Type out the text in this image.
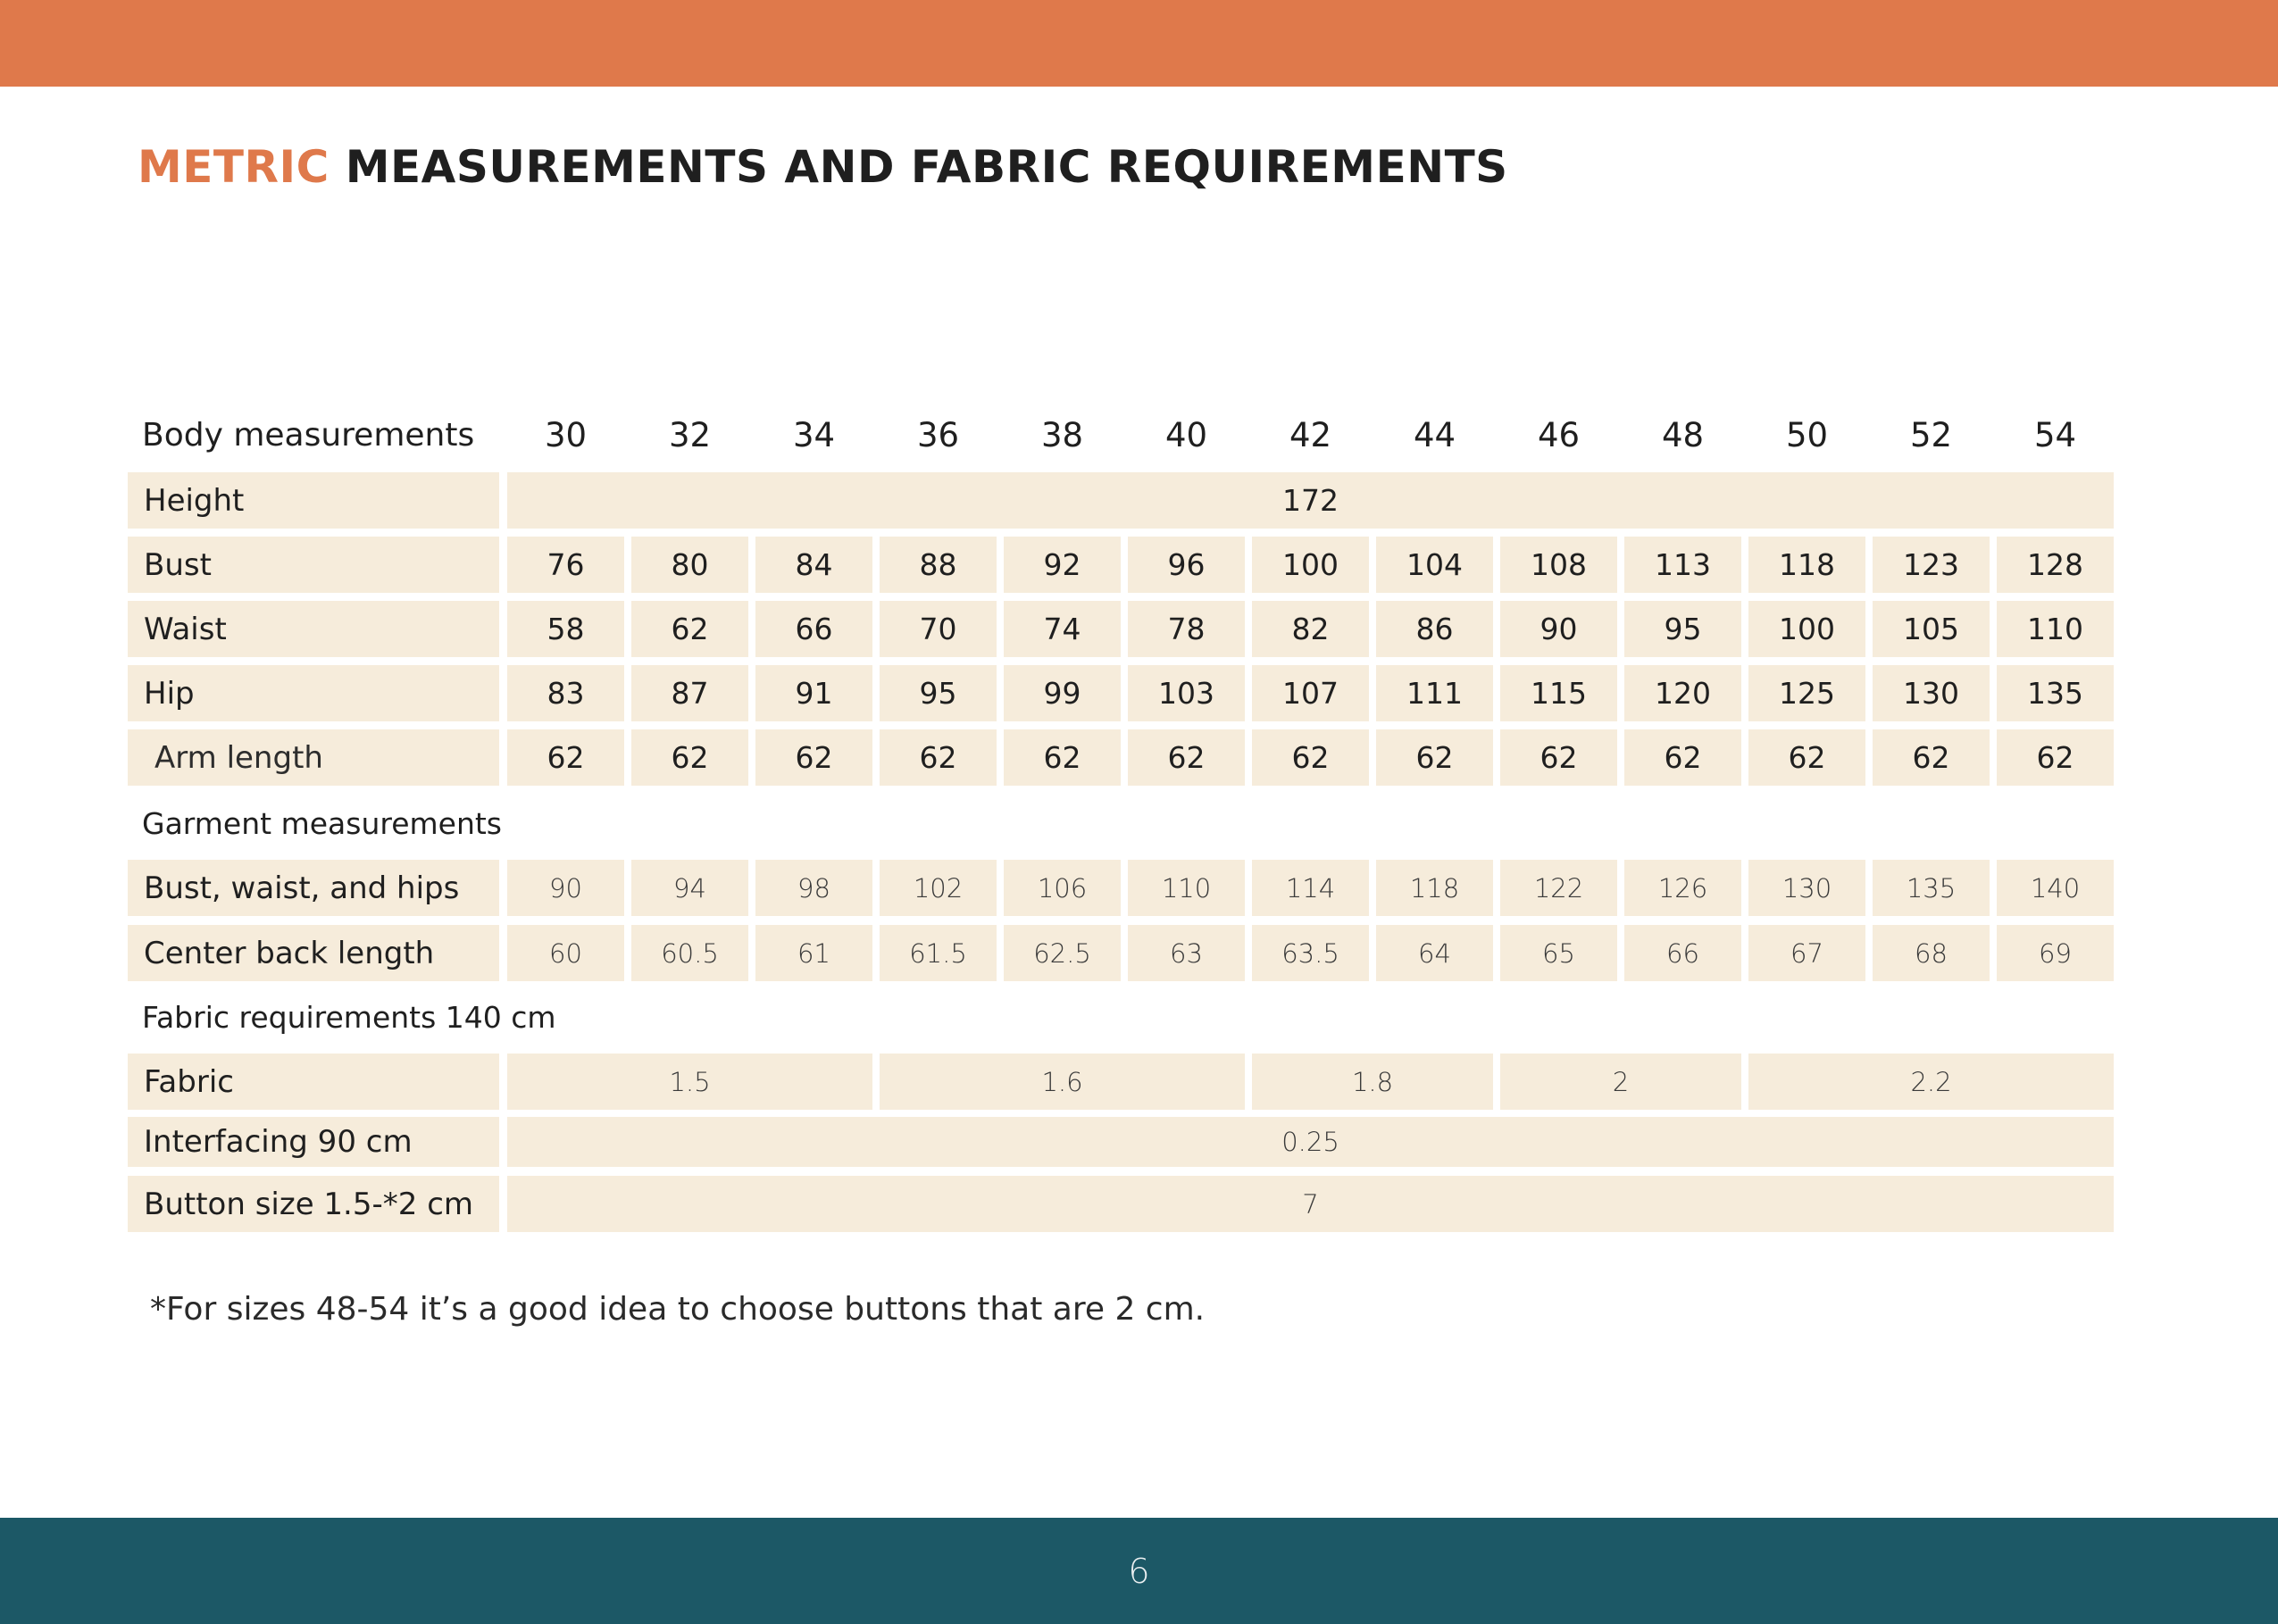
METRIC MEASUREMENTS AND FABRIC REQUIREMENTS
Body measurements	30	32	34	36	38	40	42	44	46	48	50	52	54
Height	172
Bust	76	80	84	88	92	96	100	104	108	113	118	123	128
Waist	58	62	66	70	74	78	82	86	90	95	100	105	110
Hip	83	87	91	95	99	103	107	111	115	120	125	130	135
Arm length	62	62	62	62	62	62	62	62	62	62	62	62	62
Garment measurements
Bust, waist, and hips	90	94	98	102	106	110	114	118	122	126	130	135	140
Center back length	60	60.5	61	61.5	62.5	63	63.5	64	65	66	67	68	69
Fabric requirements 140 cm
Fabric	1.5	1.6	1.8	2	2.2
Interfacing 90 cm	0.25
Button size 1.5-*2 cm	7
*For sizes 48-54 it’s a good idea to choose buttons that are 2 cm.
6
